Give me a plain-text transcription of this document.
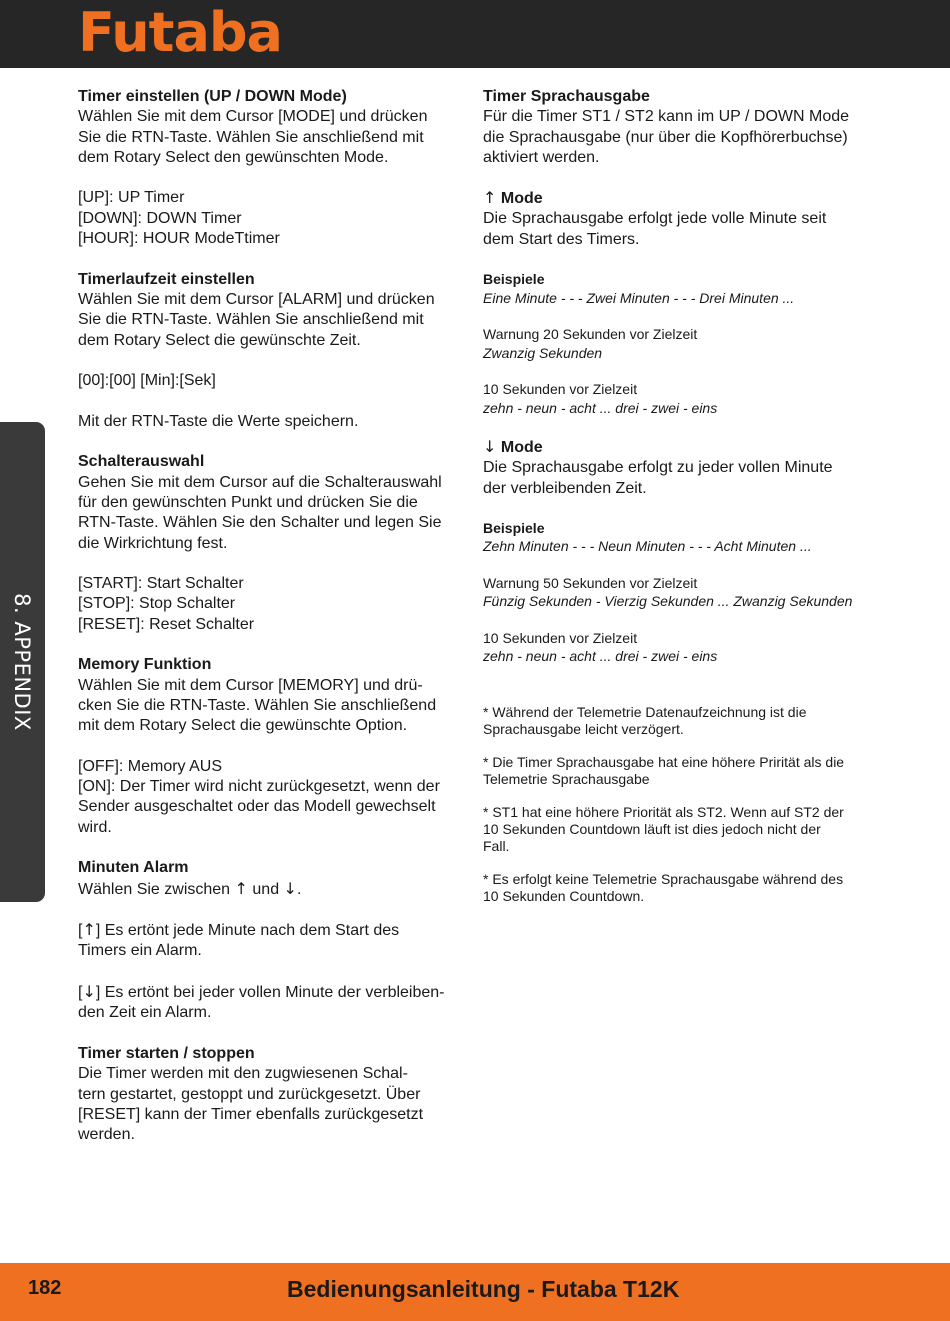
Futaba

8. APPENDIX

Timer einstellen (UP / DOWN Mode)

Wählen Sie mit dem Cursor [MODE] und drücken

Sie die RTN-Taste. Wählen Sie anschließend mit

dem Rotary Select den gewünschten Mode.

[UP]: UP Timer

[DOWN]: DOWN Timer

[HOUR]: HOUR ModeTtimer

Timerlaufzeit einstellen

Wählen Sie mit dem Cursor [ALARM] und drücken

Sie die RTN-Taste. Wählen Sie anschließend mit

dem Rotary Select die gewünschte Zeit.

[00]:[00] [Min]:[Sek]

Mit der RTN-Taste die Werte speichern.

Schalterauswahl

Gehen Sie mit dem Cursor auf die Schalterauswahl

für den gewünschten Punkt und drücken Sie die

RTN-Taste. Wählen Sie den Schalter und legen Sie

die Wirkrichtung fest.

[START]: Start Schalter

[STOP]: Stop Schalter

[RESET]: Reset Schalter

Memory Funktion

Wählen Sie mit dem Cursor [MEMORY] und drü-

cken Sie die RTN-Taste. Wählen Sie anschließend

mit dem Rotary Select die gewünschte Option.

[OFF]: Memory AUS

[ON]: Der Timer wird nicht zurückgesetzt, wenn der

Sender ausgeschaltet oder das Modell gewechselt

wird.

Minuten Alarm

Wählen Sie zwischen ↑ und ↓.

[↑] Es ertönt jede Minute nach dem Start des

Timers ein Alarm.

[↓] Es ertönt bei jeder vollen Minute der verbleiben-

den Zeit ein Alarm.

Timer starten / stoppen

Die Timer werden mit den zugwiesenen Schal-

tern gestartet, gestoppt und zurückgesetzt. Über

[RESET] kann der Timer ebenfalls zurückgesetzt

werden.

Timer Sprachausgabe

Für die Timer ST1 / ST2 kann im UP / DOWN Mode

die Sprachausgabe (nur über die Kopfhörerbuchse)

aktiviert werden.

↑ Mode

Die Sprachausgabe erfolgt jede volle Minute seit

dem Start des Timers.

Beispiele

Eine Minute - - - Zwei Minuten - - - Drei Minuten ...

Warnung 20 Sekunden vor Zielzeit

Zwanzig Sekunden

10 Sekunden vor Zielzeit

zehn - neun - acht ... drei - zwei - eins

↓ Mode

Die Sprachausgabe erfolgt zu jeder vollen Minute

der verbleibenden Zeit.

Beispiele

Zehn Minuten - - - Neun Minuten - - - Acht Minuten ...

Warnung 50 Sekunden vor Zielzeit

Fünzig Sekunden - Vierzig Sekunden ... Zwanzig Sekunden

10 Sekunden vor Zielzeit

zehn - neun - acht ... drei - zwei - eins

* Während der Telemetrie Datenaufzeichnung ist die

Sprachausgabe leicht verzögert.

* Die Timer Sprachausgabe hat eine höhere Prirität als die

Telemetrie Sprachausgabe

* ST1 hat eine höhere Priorität als ST2. Wenn auf ST2 der

10 Sekunden Countdown läuft ist dies jedoch nicht der

Fall.

* Es erfolgt keine Telemetrie Sprachausgabe während des

10 Sekunden Countdown.

182	Bedienungsanleitung - Futaba T12K
